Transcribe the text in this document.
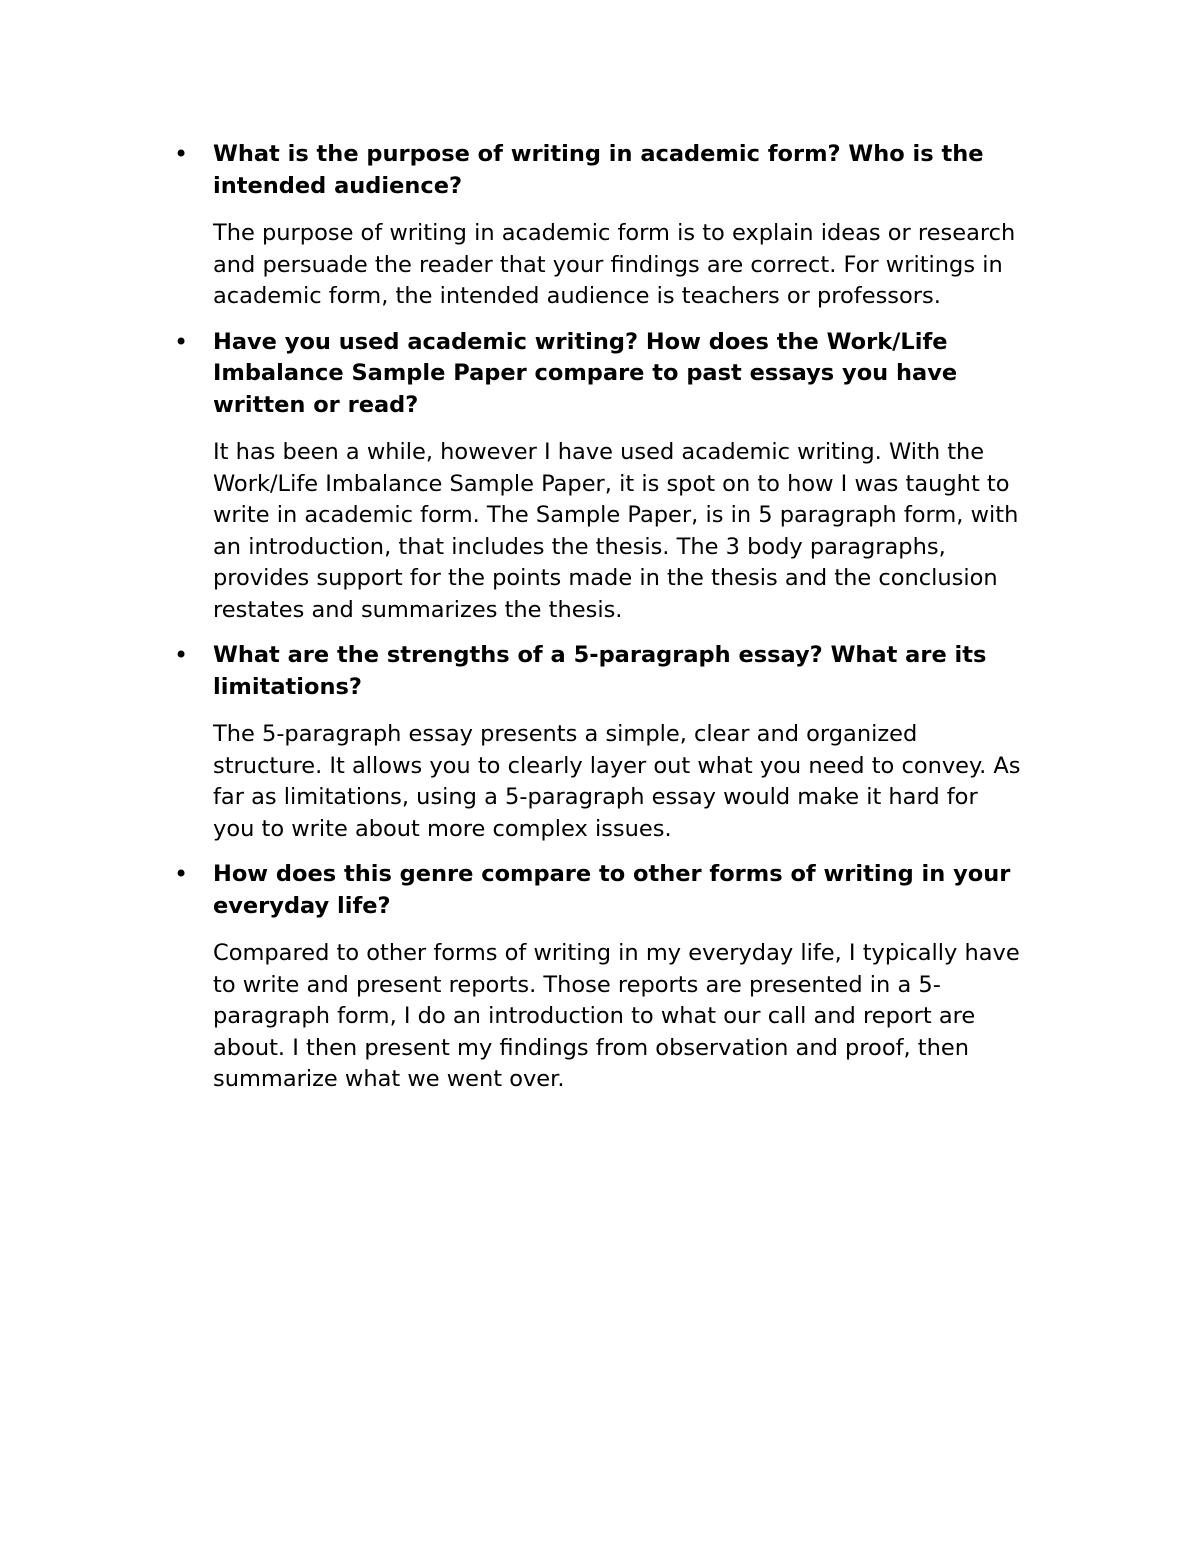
• What is the purpose of writing in academic form? Who is the
intended audience?

The purpose of writing in academic form is to explain ideas or research
and persuade the reader that your findings are correct. For writings in
academic form, the intended audience is teachers or professors.

• Have you used academic writing? How does the Work/Life
Imbalance Sample Paper compare to past essays you have
written or read?

It has been a while, however I have used academic writing. With the
Work/Life Imbalance Sample Paper, it is spot on to how I was taught to
write in academic form. The Sample Paper, is in 5 paragraph form, with
an introduction, that includes the thesis. The 3 body paragraphs,
provides support for the points made in the thesis and the conclusion
restates and summarizes the thesis.

• What are the strengths of a 5-paragraph essay? What are its
limitations?

The 5-paragraph essay presents a simple, clear and organized
structure. It allows you to clearly layer out what you need to convey. As
far as limitations, using a 5-paragraph essay would make it hard for
you to write about more complex issues.

• How does this genre compare to other forms of writing in your
everyday life?

Compared to other forms of writing in my everyday life, I typically have
to write and present reports. Those reports are presented in a 5-
paragraph form, I do an introduction to what our call and report are
about. I then present my findings from observation and proof, then
summarize what we went over.
